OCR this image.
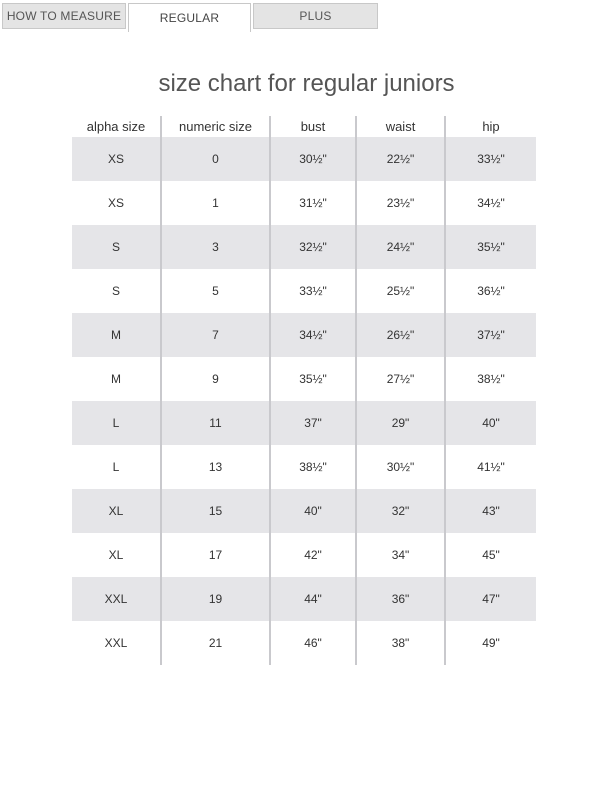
HOW TO MEASURE	REGULAR	PLUS
size chart for regular juniors
alpha size	numeric size	bust	waist	hip
XS	0	30½"	22½"	33½"
XS	1	31½"	23½"	34½"
S	3	32½"	24½"	35½"
S	5	33½"	25½"	36½"
M	7	34½"	26½"	37½"
M	9	35½"	27½"	38½"
L	11	37"	29"	40"
L	13	38½"	30½"	41½"
XL	15	40"	32"	43"
XL	17	42"	34"	45"
XXL	19	44"	36"	47"
XXL	21	46"	38"	49"
